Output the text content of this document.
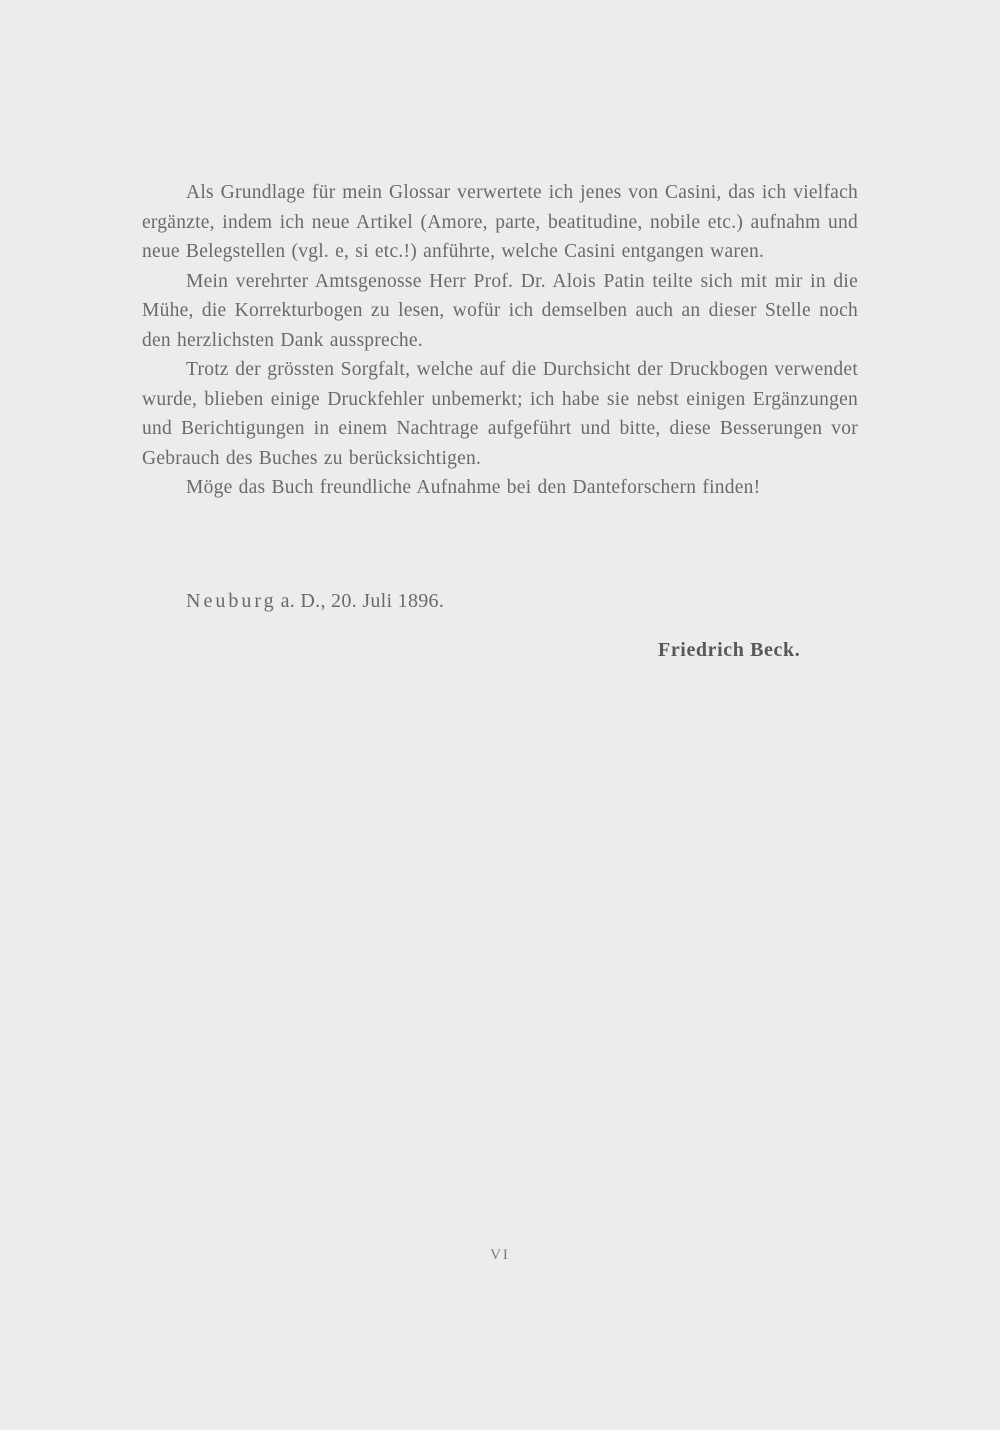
Als Grundlage für mein Glossar verwertete ich jenes von Casini, das ich vielfach ergänzte, indem ich neue Artikel (Amore, parte, beatitudine, nobile etc.) aufnahm und neue Belegstellen (vgl. e, si etc.!) anführte, welche Casini entgangen waren.

Mein verehrter Amtsgenosse Herr Prof. Dr. Alois Patin teilte sich mit mir in die Mühe, die Korrekturbogen zu lesen, wofür ich demselben auch an dieser Stelle noch den herzlichsten Dank ausspreche.

Trotz der grössten Sorgfalt, welche auf die Durchsicht der Druckbogen verwendet wurde, blieben einige Druckfehler unbemerkt; ich habe sie nebst einigen Ergänzungen und Berichtigungen in einem Nachtrage aufgeführt und bitte, diese Besserungen vor Gebrauch des Buches zu berücksichtigen.

Möge das Buch freundliche Aufnahme bei den Danteforschern finden!

Neuburg a. D., 20. Juli 1896.
Friedrich Beck.
VI
